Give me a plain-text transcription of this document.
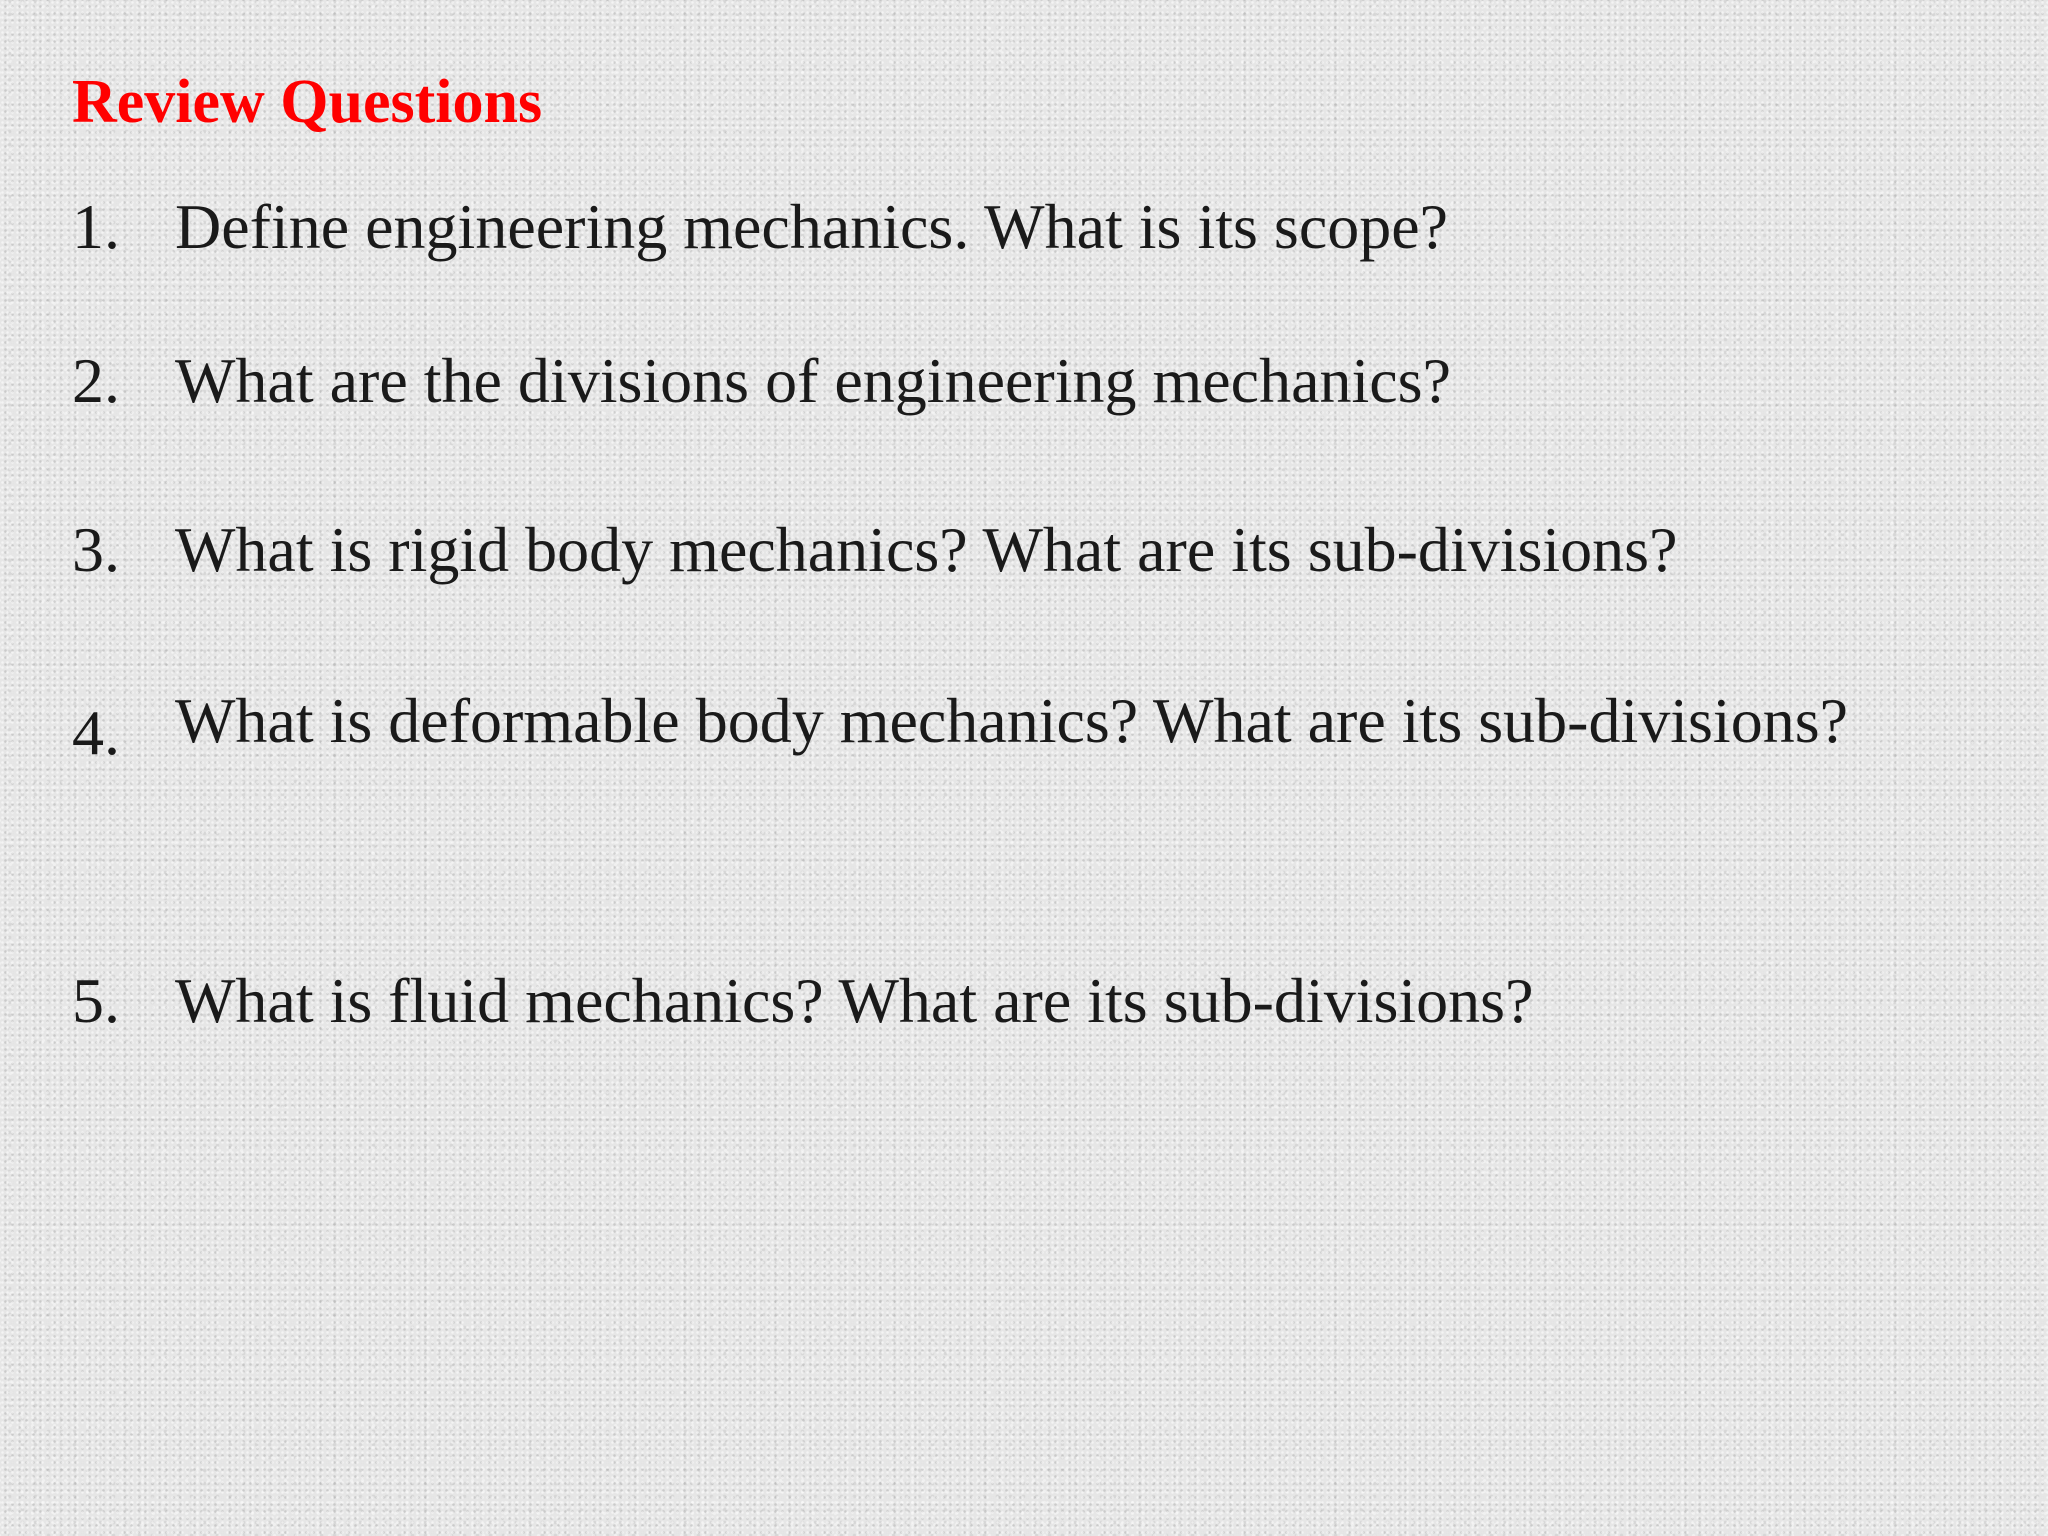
Review Questions
1. Define engineering mechanics. What is its scope?
2. What are the divisions of engineering mechanics?
3. What is rigid body mechanics? What are its sub-divisions?
4. What is deformable body mechanics? What are its sub-divisions?
5. What is fluid mechanics? What are its sub-divisions?
